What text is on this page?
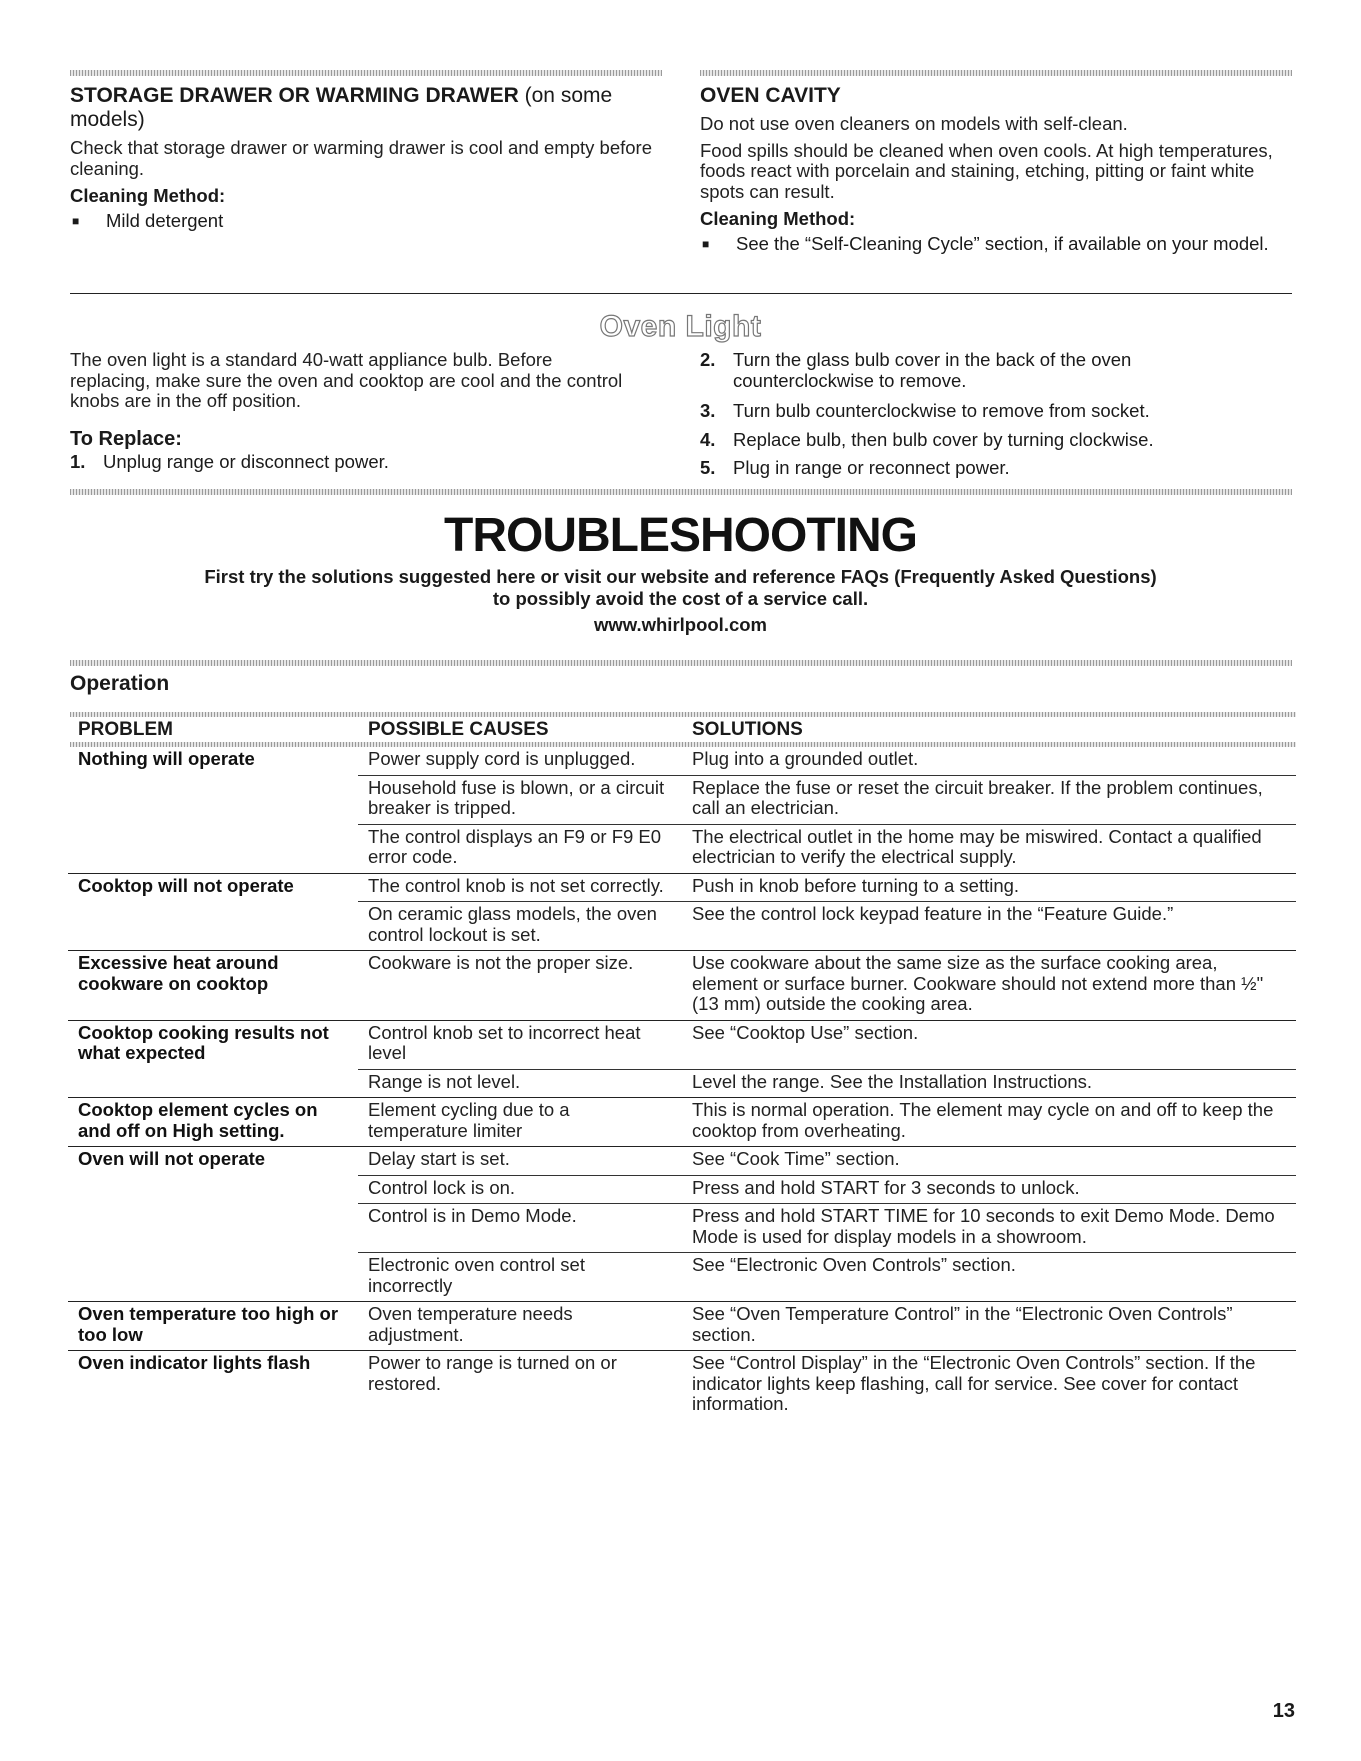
STORAGE DRAWER OR WARMING DRAWER (on some models)
Check that storage drawer or warming drawer is cool and empty before cleaning.
Cleaning Method:
■	Mild detergent
OVEN CAVITY
Do not use oven cleaners on models with self-clean.
Food spills should be cleaned when oven cools. At high temperatures, foods react with porcelain and staining, etching, pitting or faint white spots can result.
Cleaning Method:
■	See the “Self-Cleaning Cycle” section, if available on your model.
Oven Light
The oven light is a standard 40-watt appliance bulb. Before replacing, make sure the oven and cooktop are cool and the control knobs are in the off position.
To Replace:
1. Unplug range or disconnect power.
2. Turn the glass bulb cover in the back of the oven counterclockwise to remove.
3. Turn bulb counterclockwise to remove from socket.
4. Replace bulb, then bulb cover by turning clockwise.
5. Plug in range or reconnect power.
TROUBLESHOOTING
First try the solutions suggested here or visit our website and reference FAQs (Frequently Asked Questions)
to possibly avoid the cost of a service call.
www.whirlpool.com
Operation
PROBLEM	POSSIBLE CAUSES	SOLUTIONS

Nothing will operate	Power supply cord is unplugged.	Plug into a grounded outlet.
	Household fuse is blown, or a circuit breaker is tripped.	Replace the fuse or reset the circuit breaker. If the problem continues, call an electrician.
	The control displays an F9 or F9 E0 error code.	The electrical outlet in the home may be miswired. Contact a qualified electrician to verify the electrical supply.
Cooktop will not operate	The control knob is not set correctly.	Push in knob before turning to a setting.
	On ceramic glass models, the oven control lockout is set.	See the control lock keypad feature in the “Feature Guide.”
Excessive heat around cookware on cooktop	Cookware is not the proper size.	Use cookware about the same size as the surface cooking area, element or surface burner. Cookware should not extend more than ½" (13 mm) outside the cooking area.
Cooktop cooking results not what expected	Control knob set to incorrect heat level	See “Cooktop Use” section.
	Range is not level.	Level the range. See the Installation Instructions.
Cooktop element cycles on and off on High setting.	Element cycling due to a temperature limiter	This is normal operation. The element may cycle on and off to keep the cooktop from overheating.
Oven will not operate	Delay start is set.	See “Cook Time” section.
	Control lock is on.	Press and hold START for 3 seconds to unlock.
	Control is in Demo Mode.	Press and hold START TIME for 10 seconds to exit Demo Mode. Demo Mode is used for display models in a showroom.
	Electronic oven control set incorrectly	See “Electronic Oven Controls” section.
Oven temperature too high or too low	Oven temperature needs adjustment.	See “Oven Temperature Control” in the “Electronic Oven Controls” section.
Oven indicator lights flash	Power to range is turned on or restored.	See “Control Display” in the “Electronic Oven Controls” section. If the indicator lights keep flashing, call for service. See cover for contact information.
13
